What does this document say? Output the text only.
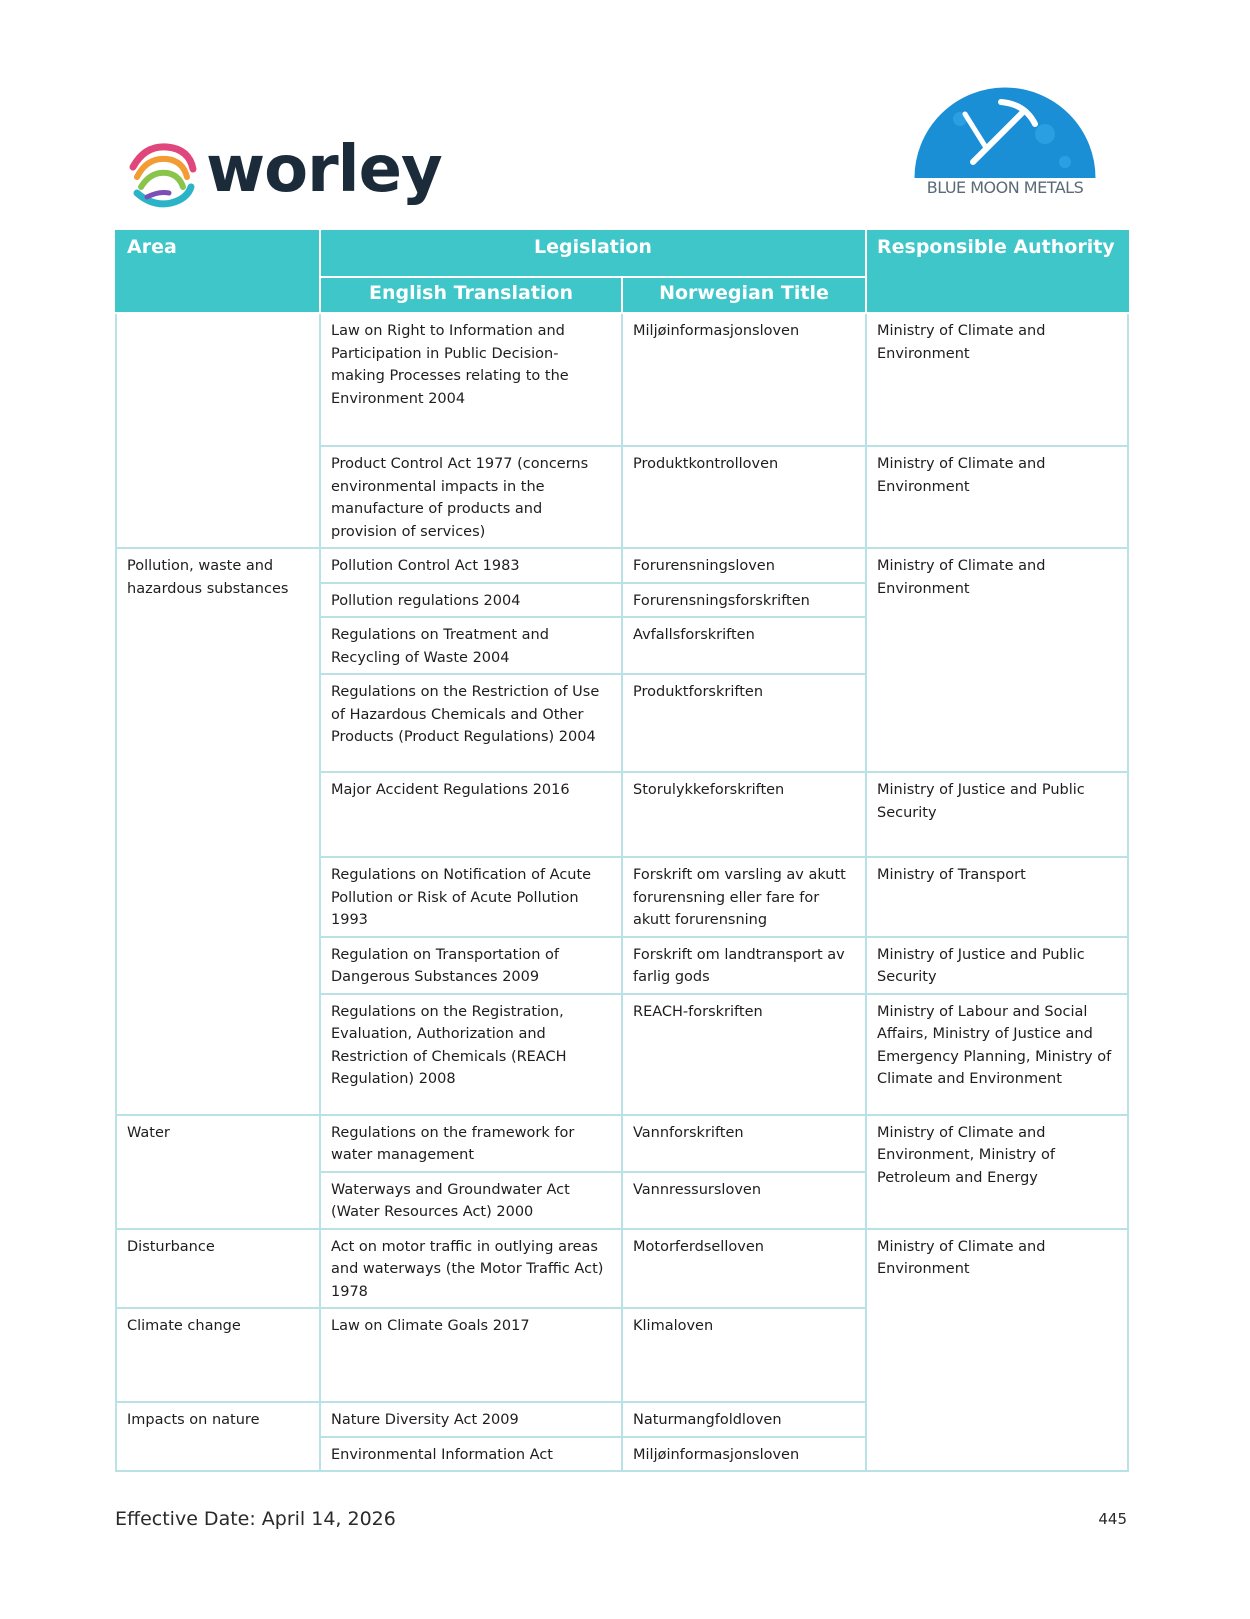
worley	BLUE MOON METALS
Area	Legislation		Responsible Authority
	English Translation	Norwegian Title	
	Law on Right to Information and Participation in Public Decision-making Processes relating to the Environment 2004	Miljøinformasjonsloven	Ministry of Climate and Environment
	Product Control Act 1977 (concerns environmental impacts in the manufacture of products and provision of services)	Produktkontrolloven	Ministry of Climate and Environment
Pollution, waste and hazardous substances	Pollution Control Act 1983	Forurensningsloven	Ministry of Climate and Environment
	Pollution regulations 2004	Forurensningsforskriften	
	Regulations on Treatment and Recycling of Waste 2004	Avfallsforskriften	
	Regulations on the Restriction of Use of Hazardous Chemicals and Other Products (Product Regulations) 2004	Produktforskriften	
	Major Accident Regulations 2016	Storulykkeforskriften	Ministry of Justice and Public Security
	Regulations on Notification of Acute Pollution or Risk of Acute Pollution 1993	Forskrift om varsling av akutt forurensning eller fare for akutt forurensning	Ministry of Transport
	Regulation on Transportation of Dangerous Substances 2009	Forskrift om landtransport av farlig gods	Ministry of Justice and Public Security
	Regulations on the Registration, Evaluation, Authorization and Restriction of Chemicals (REACH Regulation) 2008	REACH-forskriften	Ministry of Labour and Social Affairs, Ministry of Justice and Emergency Planning, Ministry of Climate and Environment
Water	Regulations on the framework for water management	Vannforskriften	Ministry of Climate and Environment, Ministry of Petroleum and Energy
	Waterways and Groundwater Act (Water Resources Act) 2000	Vannressursloven	
Disturbance	Act on motor traffic in outlying areas and waterways (the Motor Traffic Act) 1978	Motorferdselloven	Ministry of Climate and Environment
Climate change	Law on Climate Goals 2017	Klimaloven	
Impacts on nature	Nature Diversity Act 2009	Naturmangfoldloven	
	Environmental Information Act	Miljøinformasjonsloven	
Effective Date: April 14, 2026	445
